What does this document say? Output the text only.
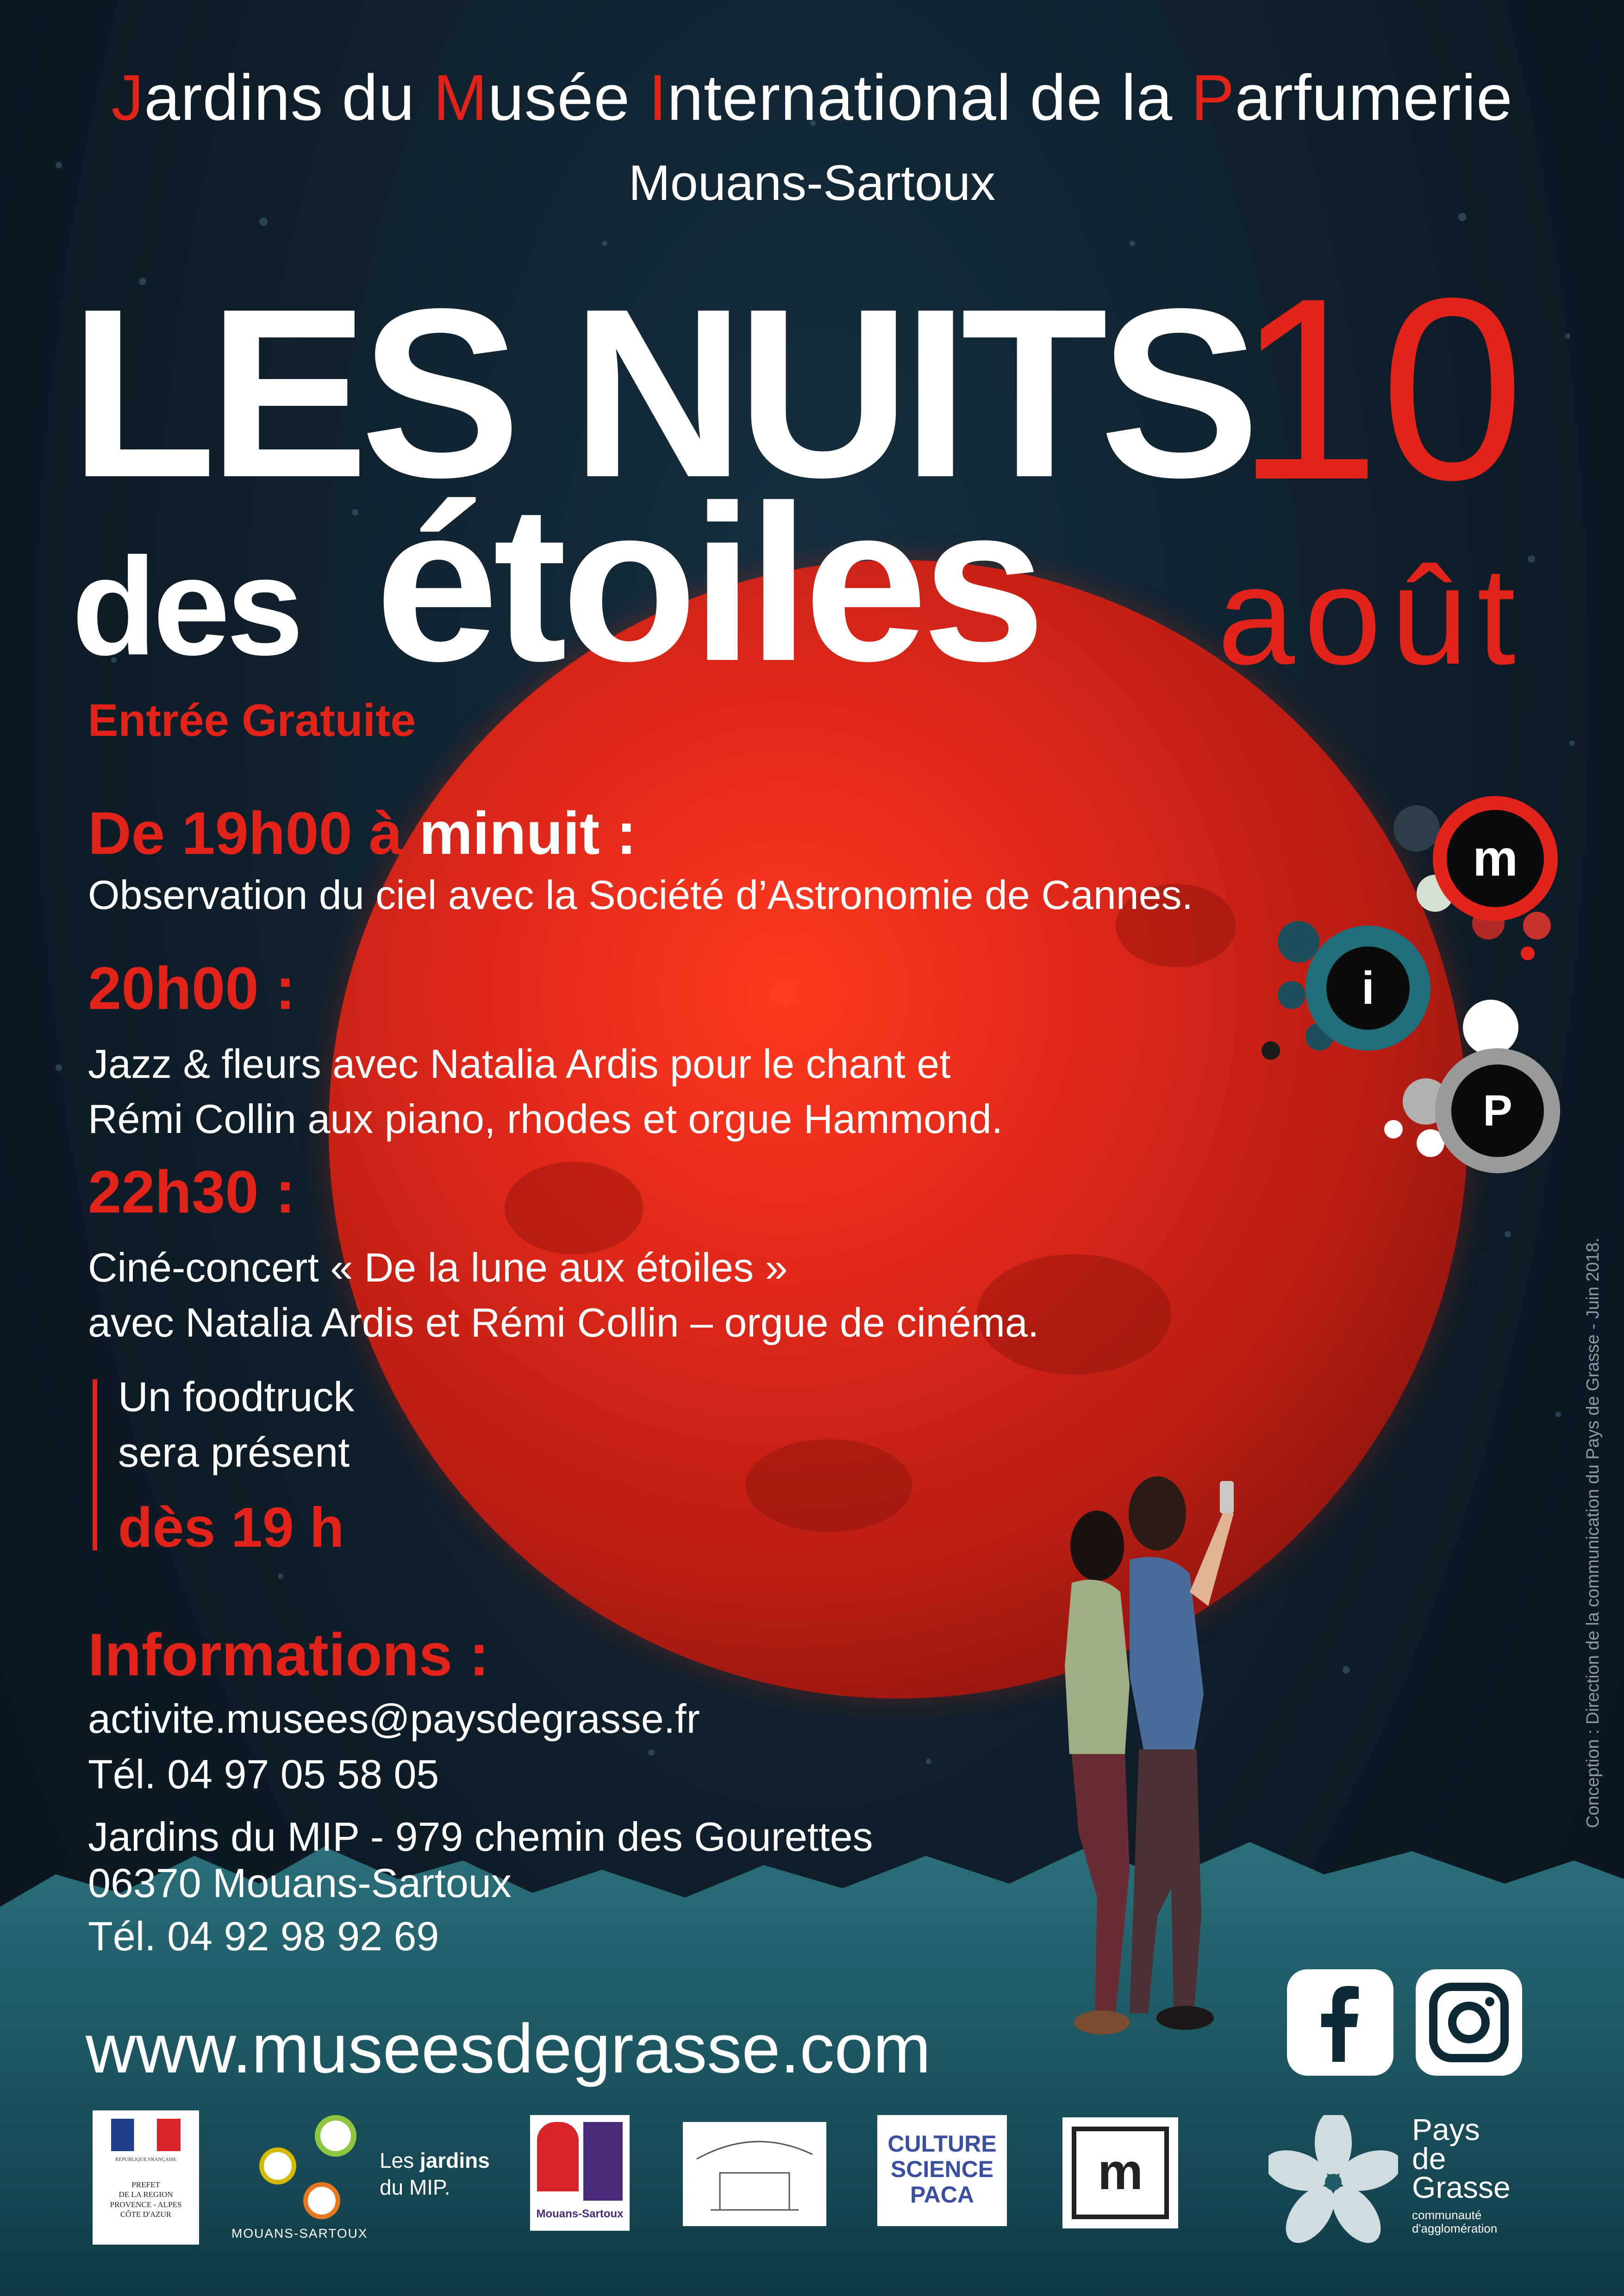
Jardins du Musée International de la Parfumerie
Mouans-Sartoux
LES NUITS
des étoiles
10
août
Entrée Gratuite
De 19h00 à minuit :
Observation du ciel avec la Société d’Astronomie de Cannes.
20h00 :
Jazz & fleurs avec Natalia Ardis pour le chant et
Rémi Collin aux piano, rhodes et orgue Hammond.
22h30 :
Ciné-concert « De la lune aux étoiles »
avec Natalia Ardis et Rémi Collin – orgue de cinéma.
Un foodtruck
sera présent
dès 19 h
Informations :
activite.musees@paysdegrasse.fr
Tél. 04 97 05 58 05
Jardins du MIP - 979 chemin des Gourettes
06370 Mouans-Sartoux
Tél. 04 92 98 92 69
www.museesdegrasse.com
m
i
P
Conception : Direction de la communication du Pays de Grasse - Juin 2018.
RÉPUBLIQUE FRANÇAISE
PREFET
DE LA REGION
PROVENCE - ALPES
CÔTE D'AZUR
MOUANS-SARTOUX
Les jardins
du MIP.
Mouans-Sartoux
CULTURE
SCIENCE
PACA	m
Pays
de
Grasse
communauté
d'agglomération
